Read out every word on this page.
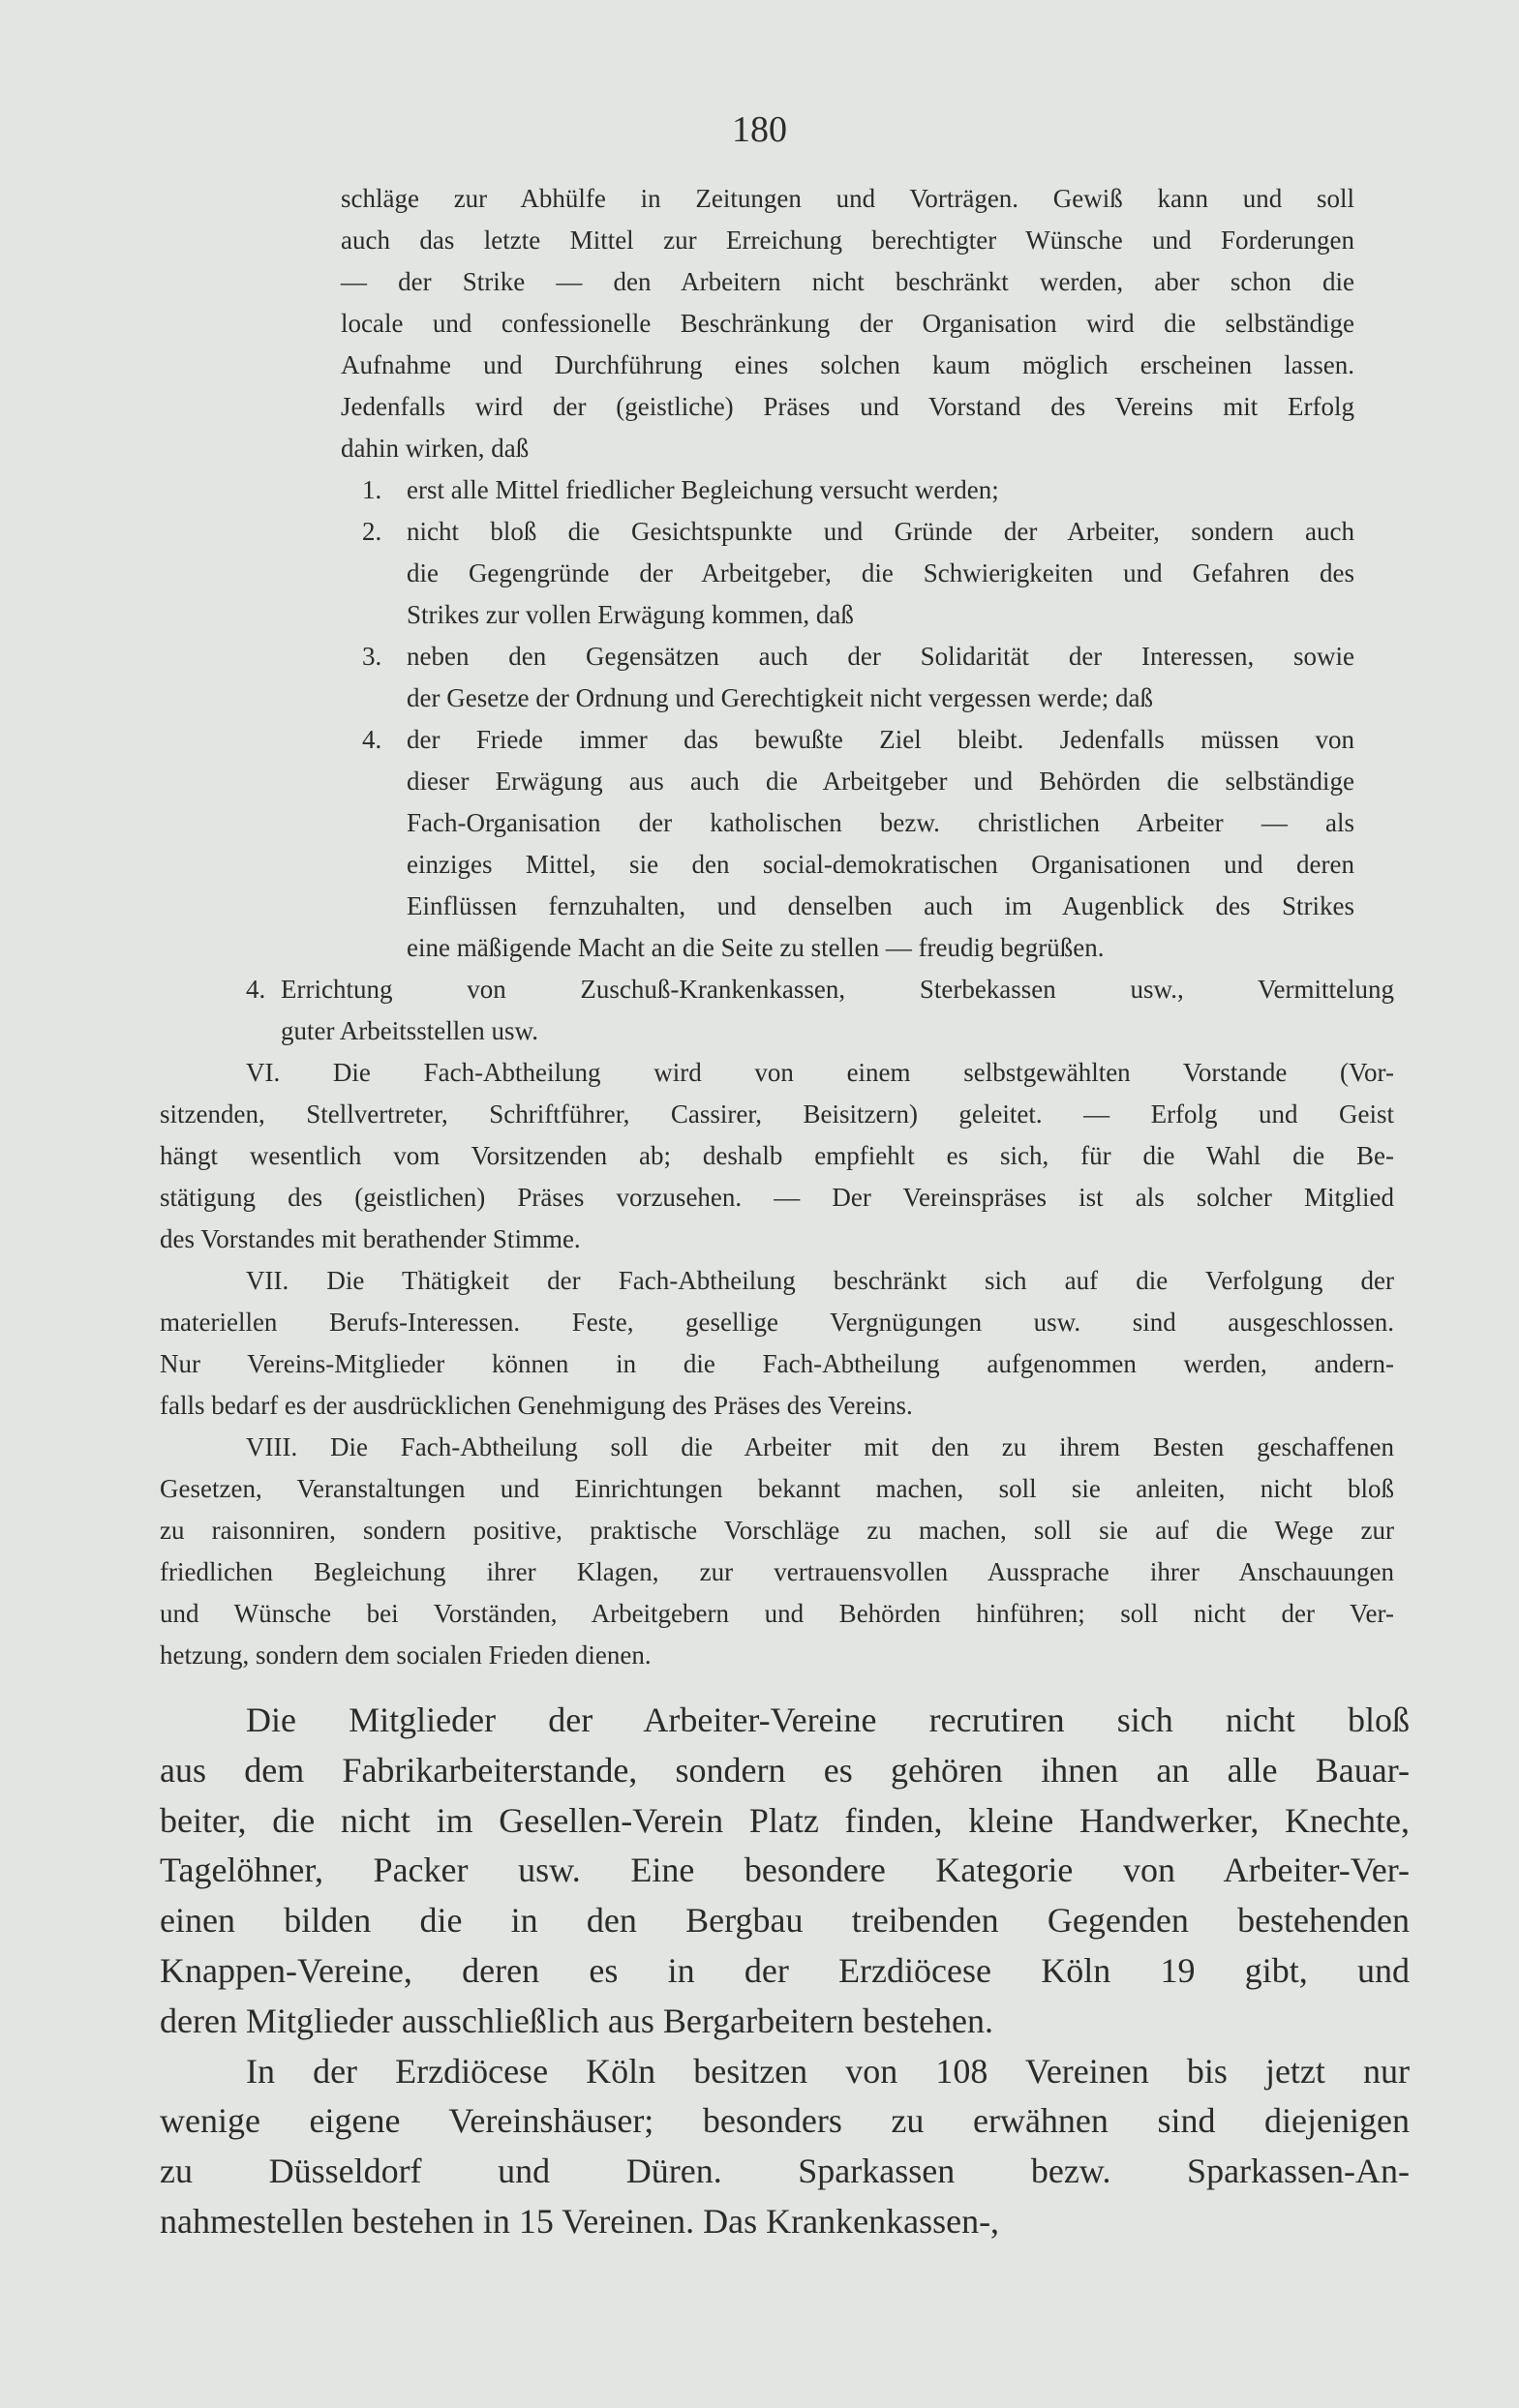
180
schläge zur Abhülfe in Zeitungen und Vorträgen. Gewiß kann und soll
auch das letzte Mittel zur Erreichung berechtigter Wünsche und Forderungen
— der Strike — den Arbeitern nicht beschränkt werden, aber schon die
locale und confessionelle Beschränkung der Organisation wird die selbständige
Aufnahme und Durchführung eines solchen kaum möglich erscheinen lassen.
Jedenfalls wird der (geistliche) Präses und Vorstand des Vereins mit Erfolg
dahin wirken, daß
1. erst alle Mittel friedlicher Begleichung versucht werden;
2. nicht bloß die Gesichtspunkte und Gründe der Arbeiter, sondern auch
die Gegengründe der Arbeitgeber, die Schwierigkeiten und Gefahren des
Strikes zur vollen Erwägung kommen, daß
3. neben den Gegensätzen auch der Solidarität der Interessen, sowie
der Gesetze der Ordnung und Gerechtigkeit nicht vergessen werde; daß
4. der Friede immer das bewußte Ziel bleibt. Jedenfalls müssen von
dieser Erwägung aus auch die Arbeitgeber und Behörden die selbständige
Fach-Organisation der katholischen bezw. christlichen Arbeiter — als
einziges Mittel, sie den social-demokratischen Organisationen und deren
Einflüssen fernzuhalten, und denselben auch im Augenblick des Strikes
eine mäßigende Macht an die Seite zu stellen — freudig begrüßen.
4. Errichtung von Zuschuß-Krankenkassen, Sterbekassen usw., Vermittelung
guter Arbeitsstellen usw.
VI. Die Fach-Abtheilung wird von einem selbstgewählten Vorstande (Vor-
sitzenden, Stellvertreter, Schriftführer, Cassirer, Beisitzern) geleitet. — Erfolg und Geist
hängt wesentlich vom Vorsitzenden ab; deshalb empfiehlt es sich, für die Wahl die Be-
stätigung des (geistlichen) Präses vorzusehen. — Der Vereinspräses ist als solcher Mitglied
des Vorstandes mit berathender Stimme.
VII. Die Thätigkeit der Fach-Abtheilung beschränkt sich auf die Verfolgung der
materiellen Berufs-Interessen. Feste, gesellige Vergnügungen usw. sind ausgeschlossen.
Nur Vereins-Mitglieder können in die Fach-Abtheilung aufgenommen werden, andern-
falls bedarf es der ausdrücklichen Genehmigung des Präses des Vereins.
VIII. Die Fach-Abtheilung soll die Arbeiter mit den zu ihrem Besten geschaffenen
Gesetzen, Veranstaltungen und Einrichtungen bekannt machen, soll sie anleiten, nicht bloß
zu raisonniren, sondern positive, praktische Vorschläge zu machen, soll sie auf die Wege zur
friedlichen Begleichung ihrer Klagen, zur vertrauensvollen Aussprache ihrer Anschauungen
und Wünsche bei Vorständen, Arbeitgebern und Behörden hinführen; soll nicht der Ver-
hetzung, sondern dem socialen Frieden dienen.
Die Mitglieder der Arbeiter-Vereine recrutiren sich nicht bloß
aus dem Fabrikarbeiterstande, sondern es gehören ihnen an alle Bauar-
beiter, die nicht im Gesellen-Verein Platz finden, kleine Handwerker, Knechte,
Tagelöhner, Packer usw. Eine besondere Kategorie von Arbeiter-Ver-
einen bilden die in den Bergbau treibenden Gegenden bestehenden
Knappen-Vereine, deren es in der Erzdiöcese Köln 19 gibt, und
deren Mitglieder ausschließlich aus Bergarbeitern bestehen.
In der Erzdiöcese Köln besitzen von 108 Vereinen bis jetzt nur
wenige eigene Vereinshäuser; besonders zu erwähnen sind diejenigen
zu Düsseldorf und Düren. Sparkassen bezw. Sparkassen-An-
nahmestellen bestehen in 15 Vereinen. Das Krankenkassen-,
